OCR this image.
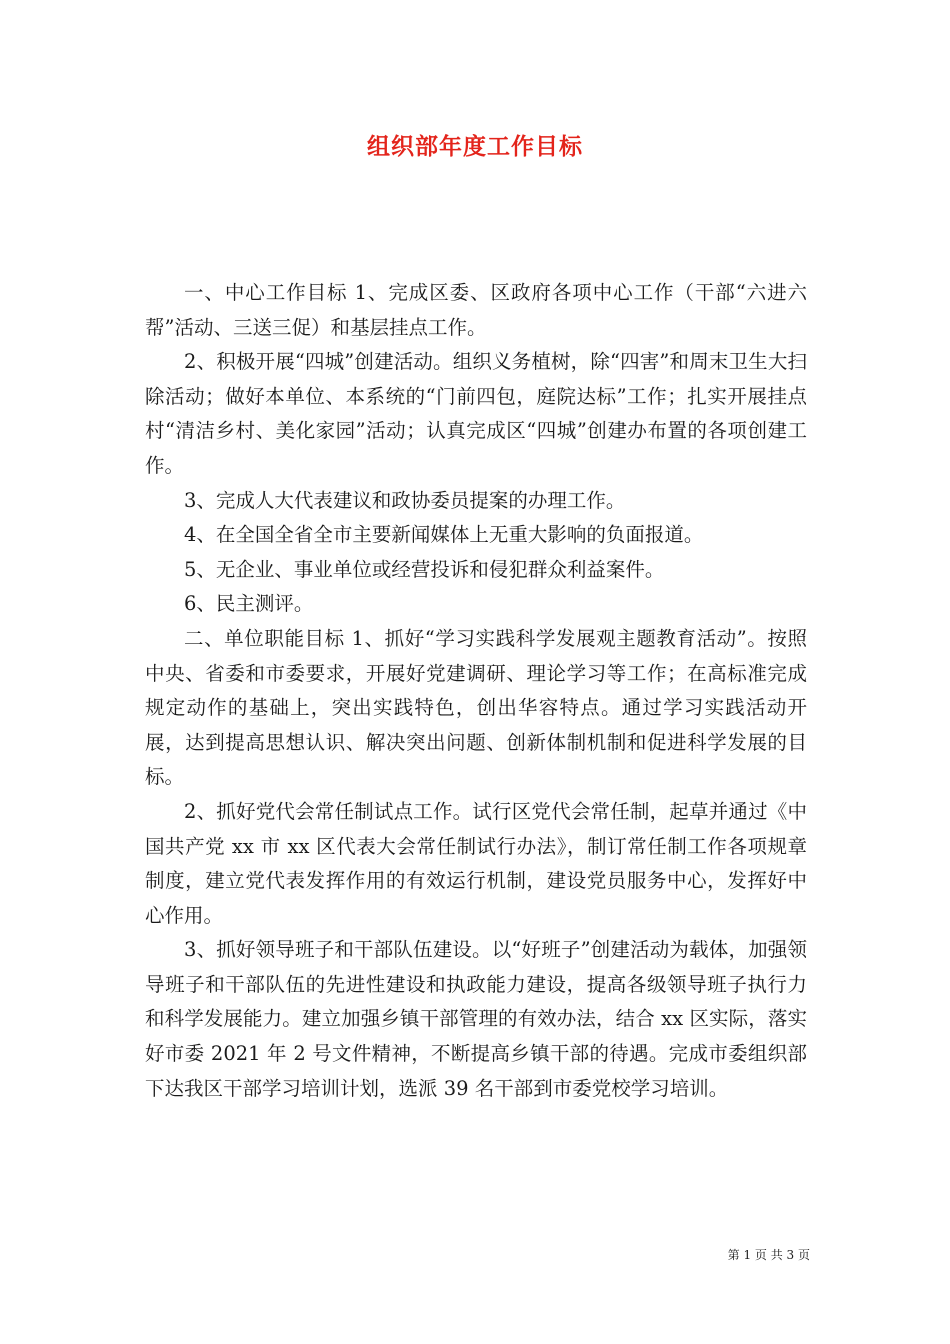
组织部年度工作目标

一、中心工作目标 1、完成区委、区政府各项中心工作（干部“六进六帮”活动、三送三促）和基层挂点工作。

2、积极开展“四城”创建活动。组织义务植树，除“四害”和周末卫生大扫除活动；做好本单位、本系统的“门前四包，庭院达标”工作；扎实开展挂点村“清洁乡村、美化家园”活动；认真完成区“四城”创建办布置的各项创建工作。

3、完成人大代表建议和政协委员提案的办理工作。

4、在全国全省全市主要新闻媒体上无重大影响的负面报道。

5、无企业、事业单位或经营投诉和侵犯群众利益案件。

6、民主测评。

二、单位职能目标 1、抓好“学习实践科学发展观主题教育活动”。按照中央、省委和市委要求，开展好党建调研、理论学习等工作；在高标准完成规定动作的基础上，突出实践特色，创出华容特点。通过学习实践活动开展，达到提高思想认识、解决突出问题、创新体制机制和促进科学发展的目标。

2、抓好党代会常任制试点工作。试行区党代会常任制，起草并通过《中国共产党 xx 市 xx 区代表大会常任制试行办法》，制订常任制工作各项规章制度，建立党代表发挥作用的有效运行机制，建设党员服务中心，发挥好中心作用。

3、抓好领导班子和干部队伍建设。以“好班子”创建活动为载体，加强领导班子和干部队伍的先进性建设和执政能力建设，提高各级领导班子执行力和科学发展能力。建立加强乡镇干部管理的有效办法，结合 xx 区实际，落实好市委 2021 年 2 号文件精神，不断提高乡镇干部的待遇。完成市委组织部下达我区干部学习培训计划，选派 39 名干部到市委党校学习培训。

第 1 页 共 3 页
